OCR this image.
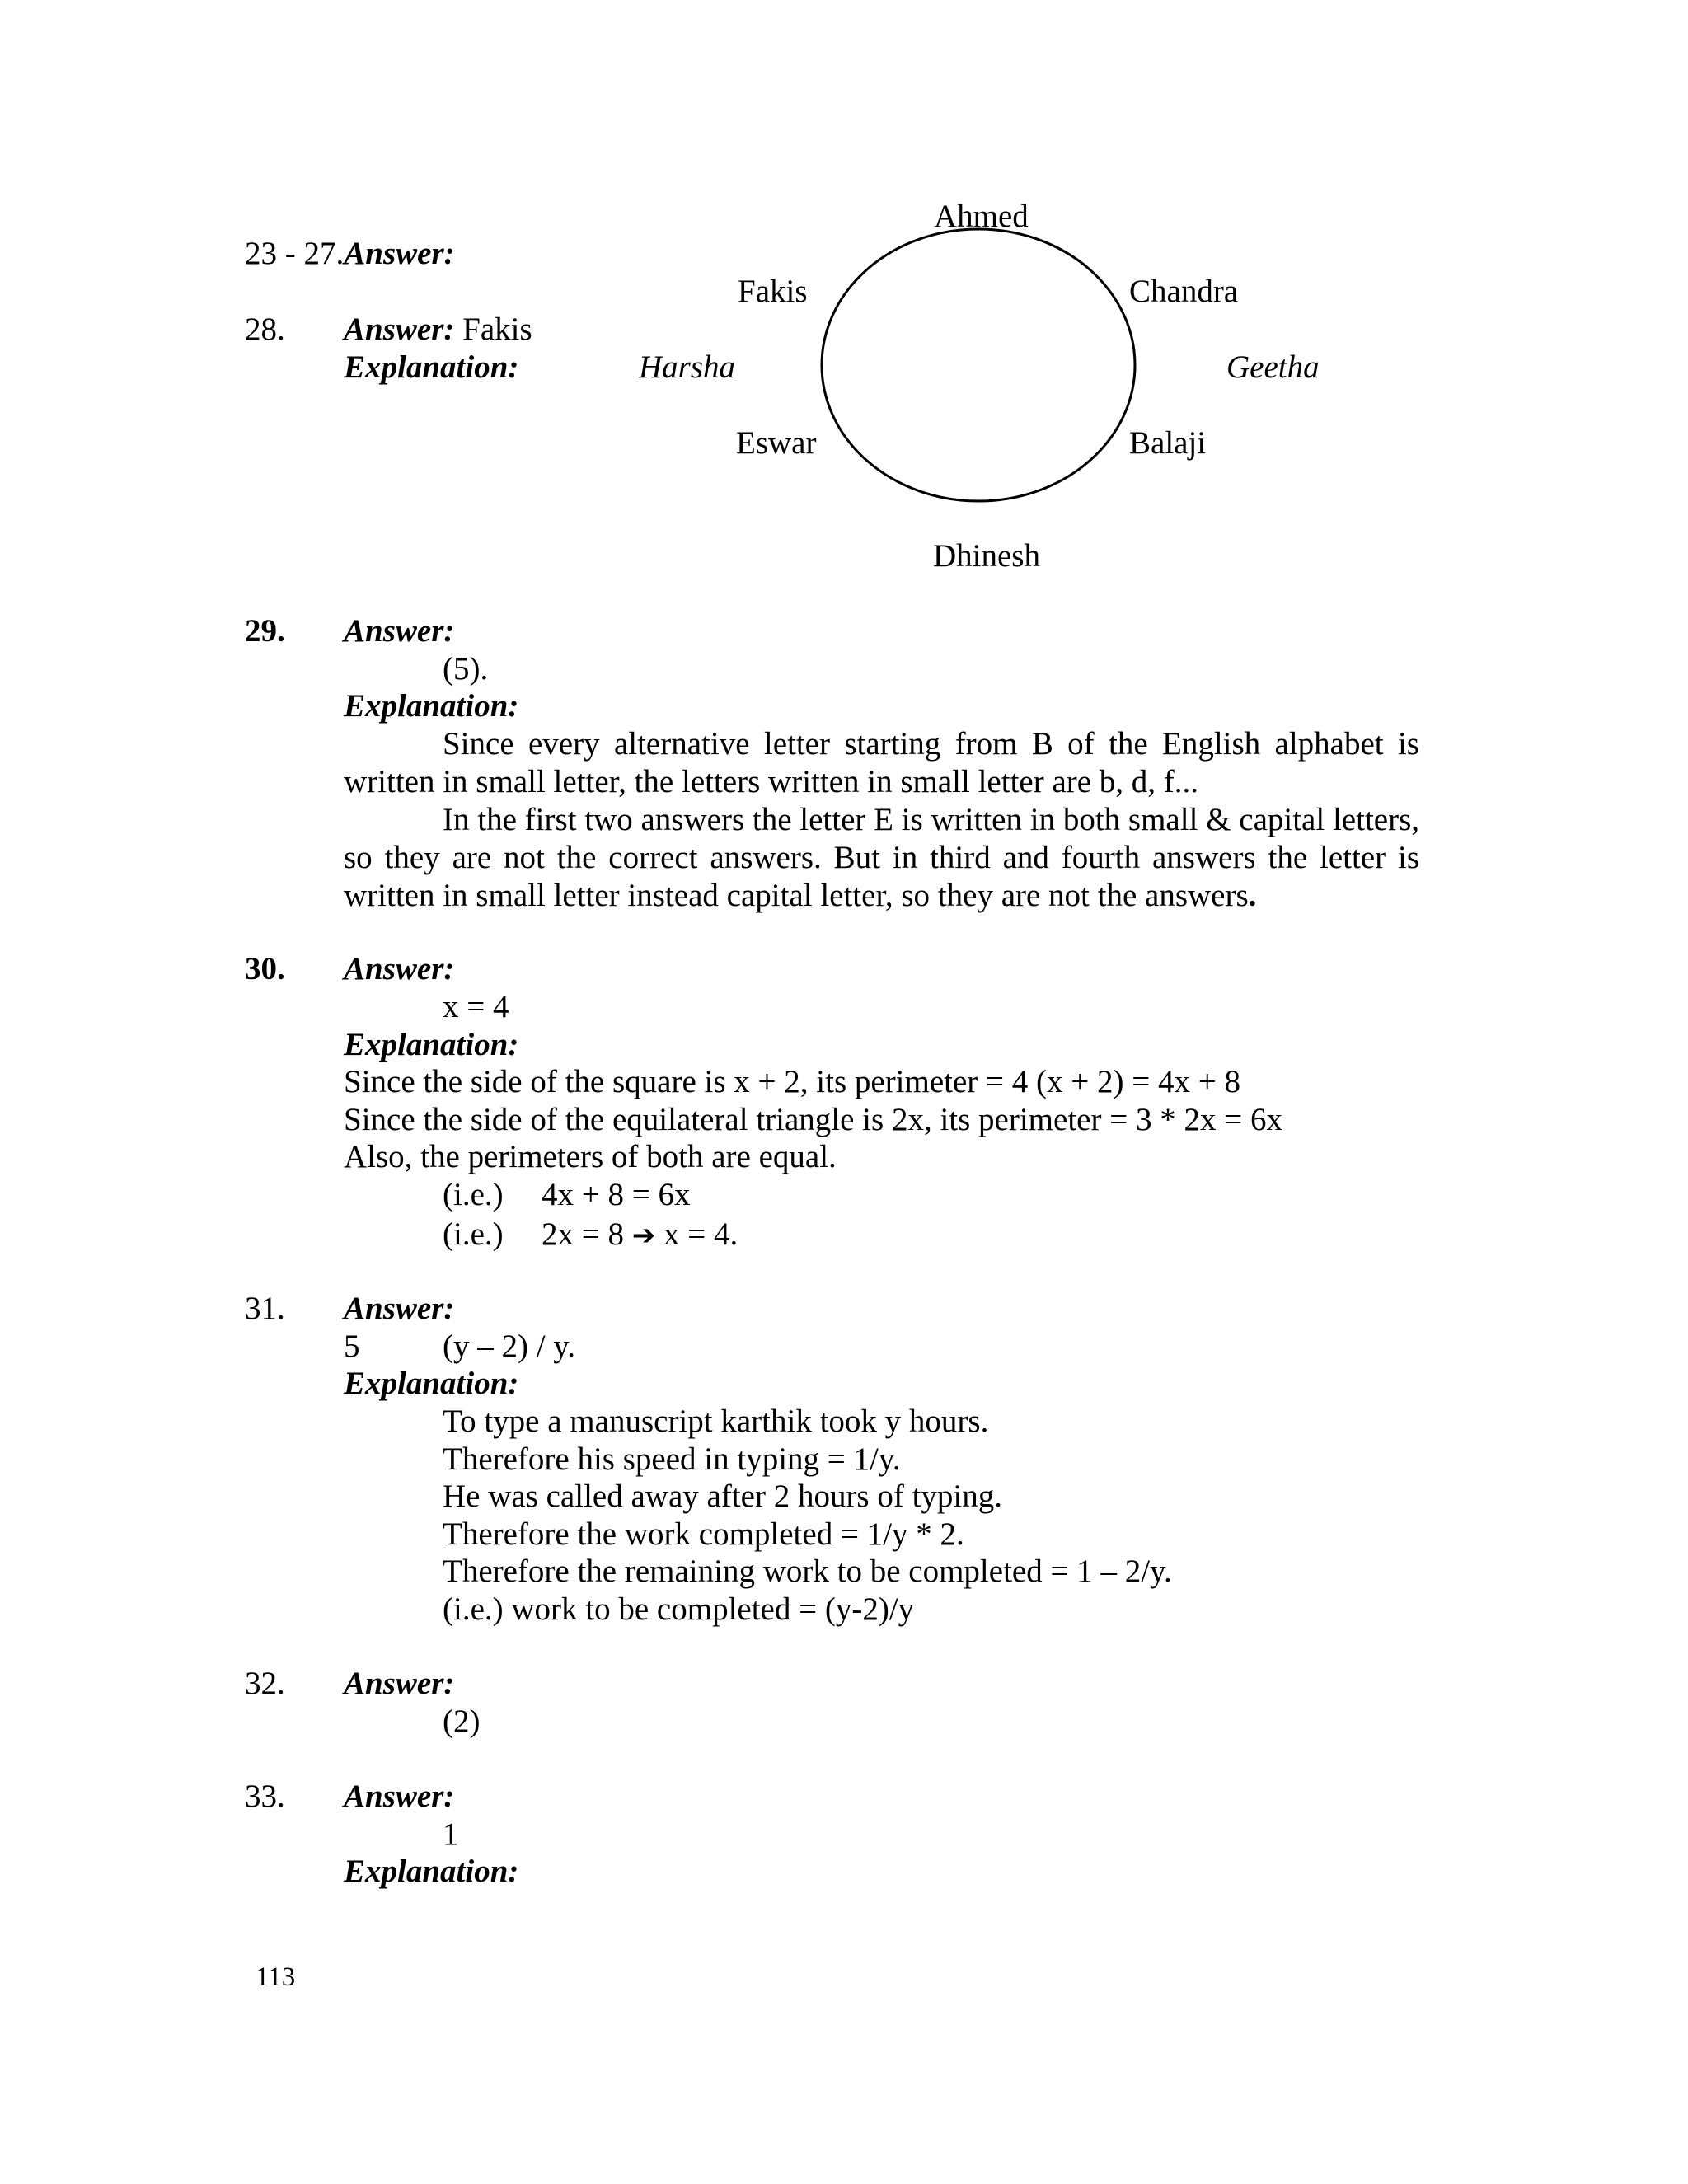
23 - 27.Answer:
28. Answer: Fakis
Explanation:
Ahmed
Fakis	Chandra
Harsha	Geetha
Eswar	Balaji
Dhinesh
29. Answer:
(5).
Explanation:

Since every alternative letter starting from B of the English alphabet is written in small letter, the letters written in small letter are b, d, f...

In the first two answers the letter E is written in both small & capital letters, so they are not the correct answers. But in third and fourth answers the letter is written in small letter instead capital letter, so they are not the answers.

30. Answer:
x = 4
Explanation:
Since the side of the square is x + 2, its perimeter = 4 (x + 2) = 4x + 8
Since the side of the equilateral triangle is 2x, its perimeter = 3 * 2x = 6x
Also, the perimeters of both are equal.
(i.e.) 4x + 8 = 6x
(i.e.) 2x = 8 ➔ x = 4.
31. Answer:
5	(y – 2) / y.
Explanation:
To type a manuscript karthik took y hours.
Therefore his speed in typing = 1/y.
He was called away after 2 hours of typing.
Therefore the work completed = 1/y * 2.
Therefore the remaining work to be completed = 1 – 2/y.
(i.e.) work to be completed = (y-2)/y
32. Answer:
(2)
33. Answer:
1
Explanation:
113
